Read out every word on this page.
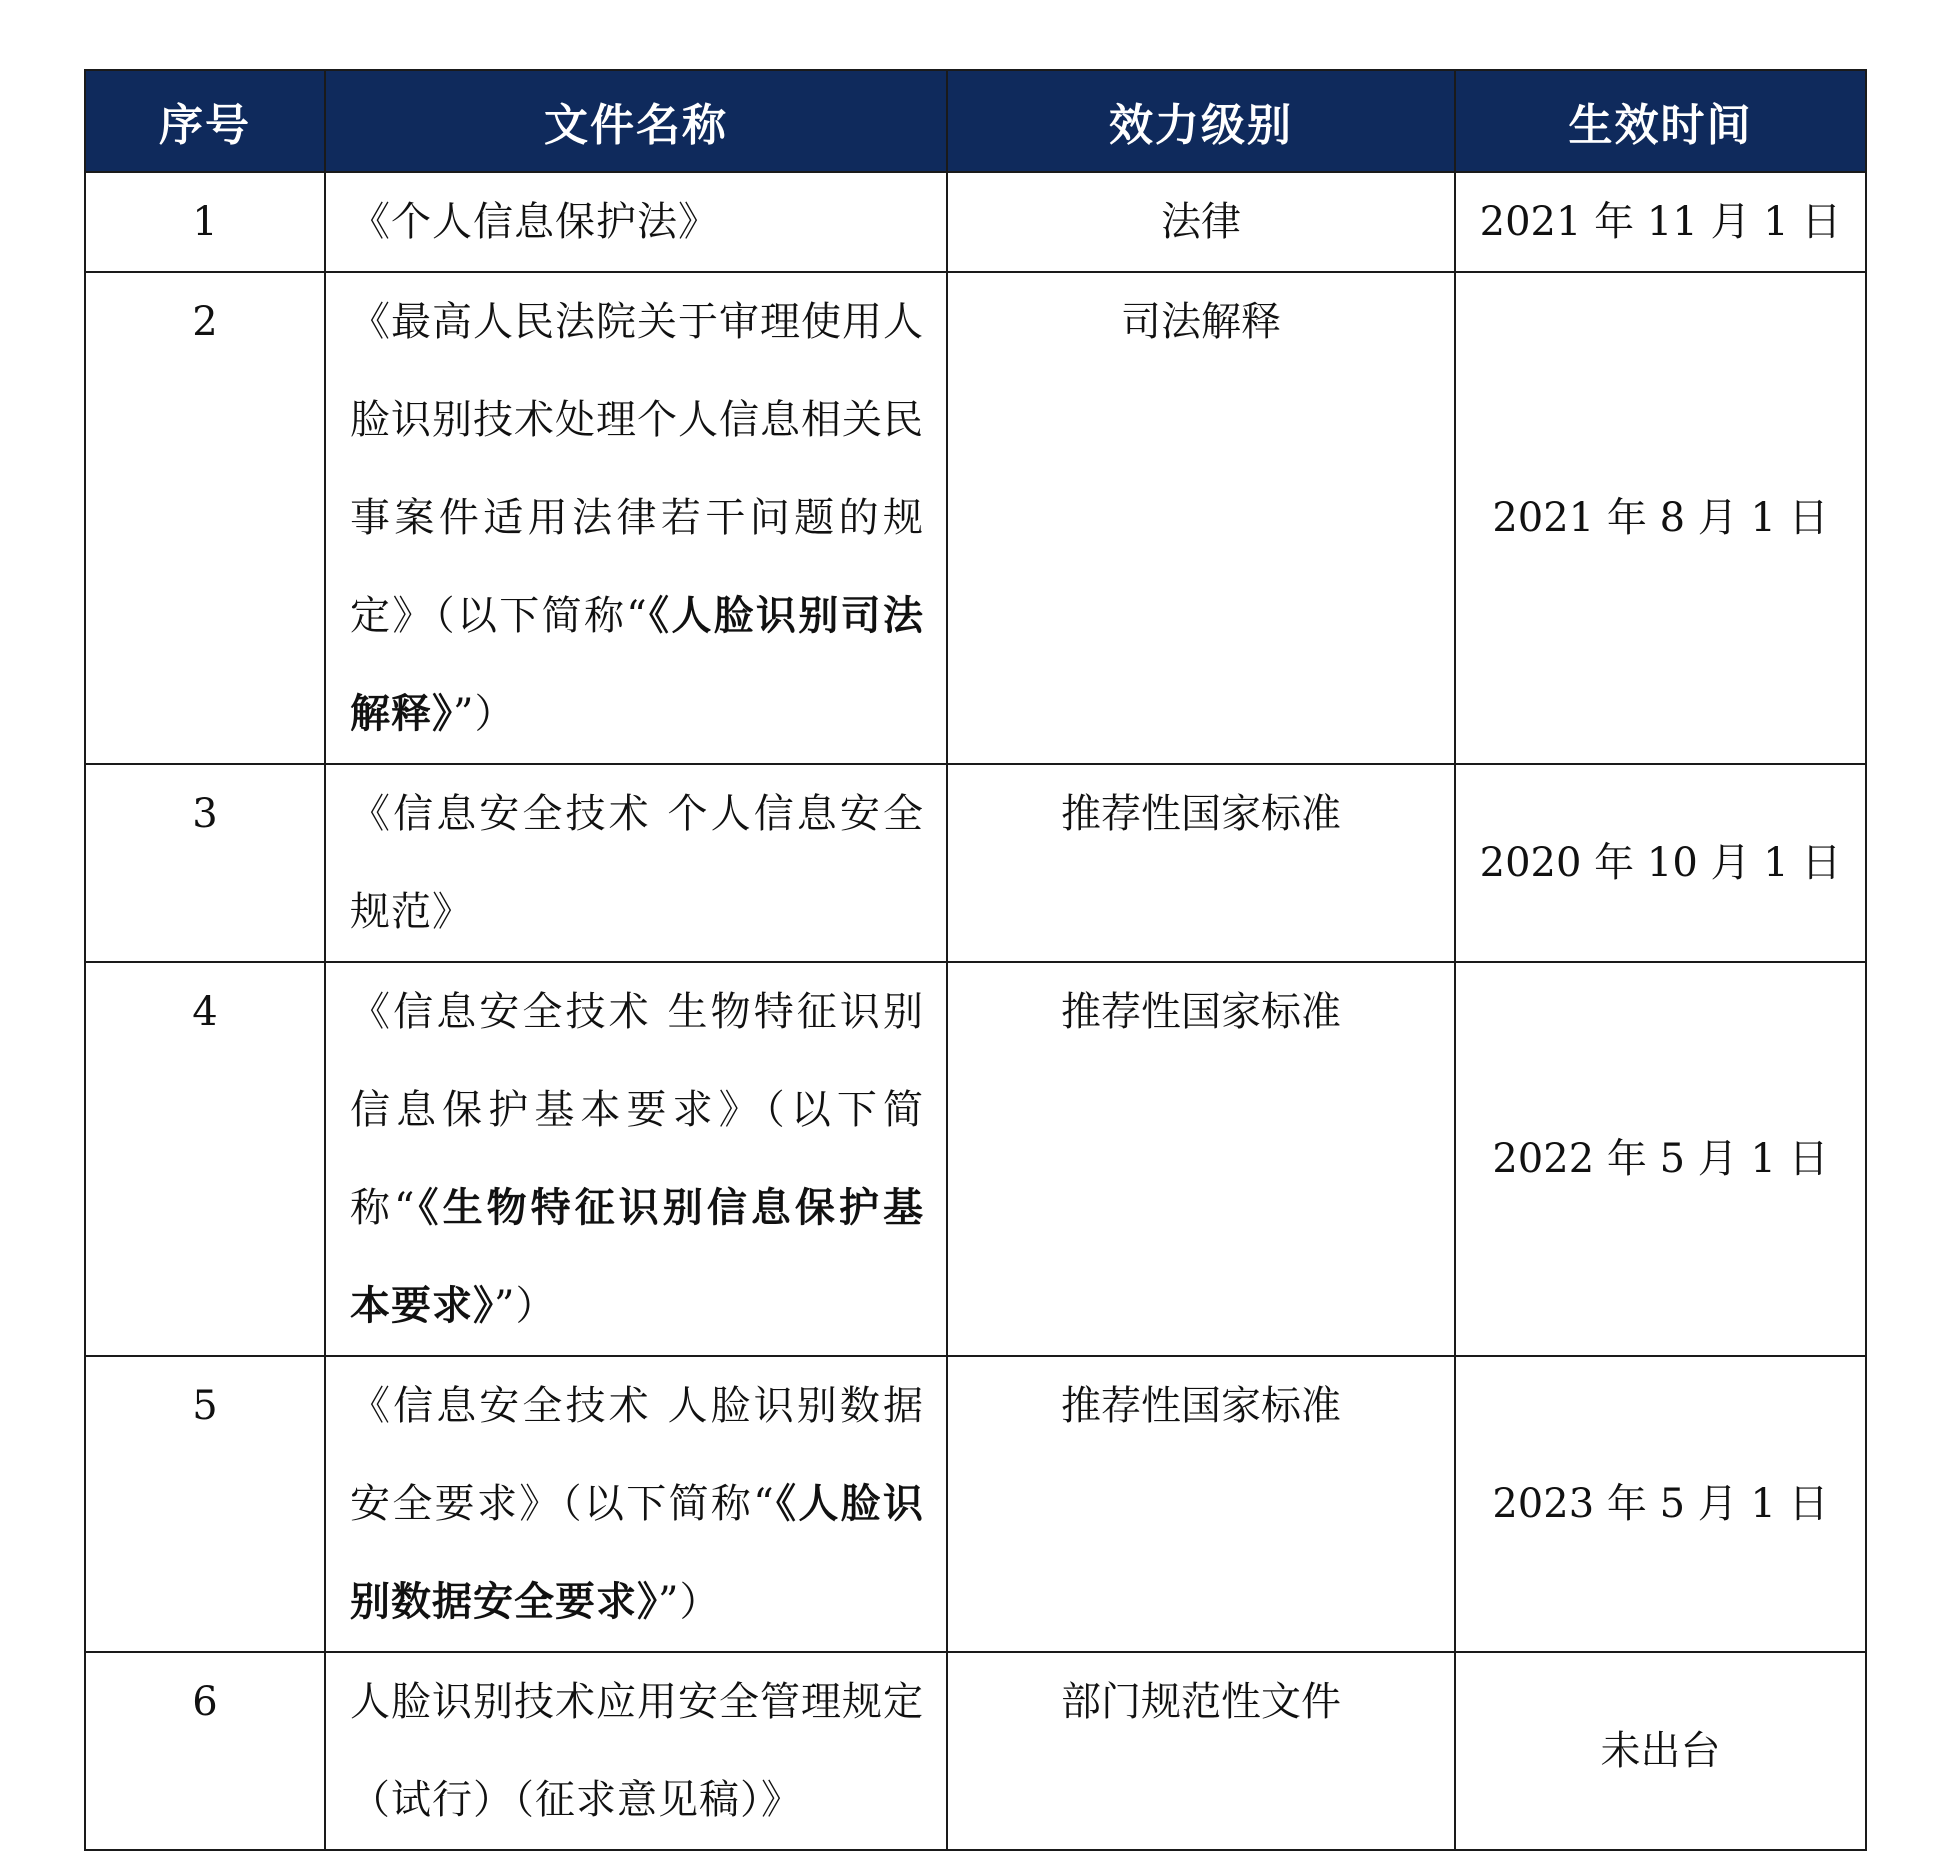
序号	文件名称	效力级别	生效时间
1	《个人信息保护法》	法律	2021 年 11 月 1 日
2	《最高人民法院关于审理使用人脸识别技术处理个人信息相关民事案件适用法律若干问题的规定》（以下简称“《人脸识别司法解释》”）	司法解释	2021 年 8 月 1 日
3	《信息安全技术 个人信息安全规范》	推荐性国家标准	2020 年 10 月 1 日
4	《信息安全技术 生物特征识别信息保护基本要求》（以下简称“《生物特征识别信息保护基本要求》”）	推荐性国家标准	2022 年 5 月 1 日
5	《信息安全技术 人脸识别数据安全要求》（以下简称“《人脸识别数据安全要求》”）	推荐性国家标准	2023 年 5 月 1 日
6	人脸识别技术应用安全管理规定（试行）（征求意见稿）》	部门规范性文件	未出台
